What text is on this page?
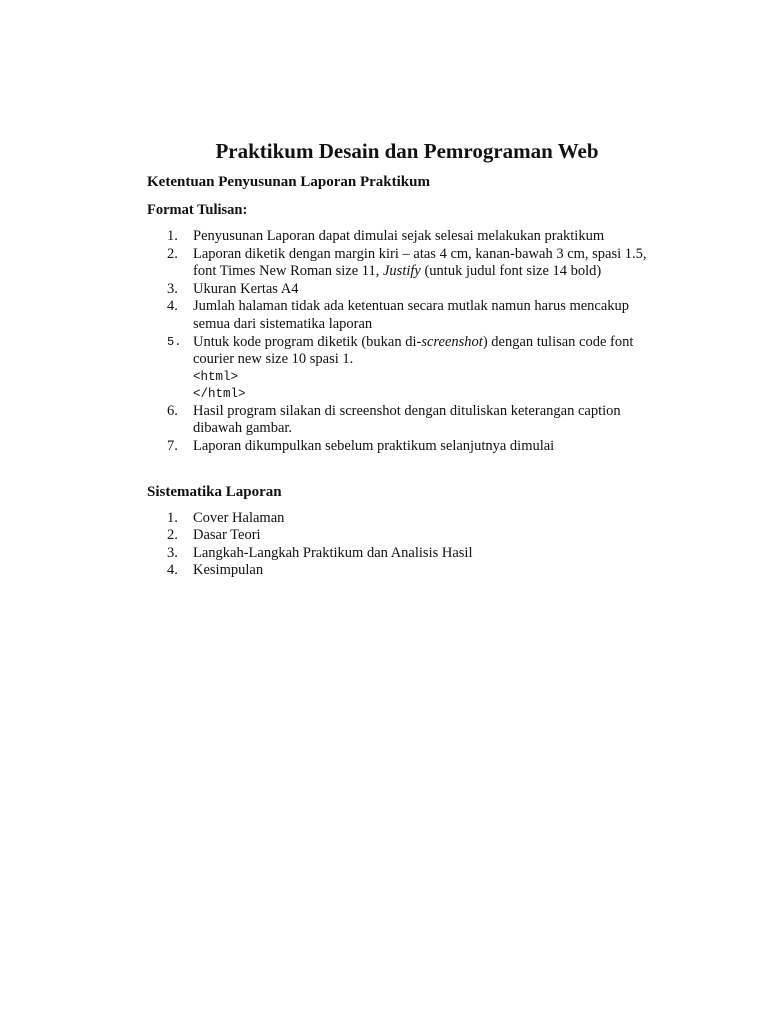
Praktikum Desain dan Pemrograman Web
Ketentuan Penyusunan Laporan Praktikum
Format Tulisan:
1.	Penyusunan Laporan dapat dimulai sejak selesai melakukan praktikum
2.	Laporan diketik dengan margin kiri – atas 4 cm, kanan-bawah 3 cm, spasi 1.5,
font Times New Roman size 11, Justify (untuk judul font size 14 bold)
3.	Ukuran Kertas A4
4.	Jumlah halaman tidak ada ketentuan secara mutlak namun harus mencakup
semua dari sistematika laporan
5. Untuk kode program diketik (bukan di-screenshot) dengan tulisan code font
courier new size 10 spasi 1.
<html>
</html>
6.	Hasil program silakan di screenshot dengan dituliskan keterangan caption
dibawah gambar.
7.	Laporan dikumpulkan sebelum praktikum selanjutnya dimulai
Sistematika Laporan
1.	Cover Halaman
2.	Dasar Teori
3.	Langkah-Langkah Praktikum dan Analisis Hasil
4.	Kesimpulan
